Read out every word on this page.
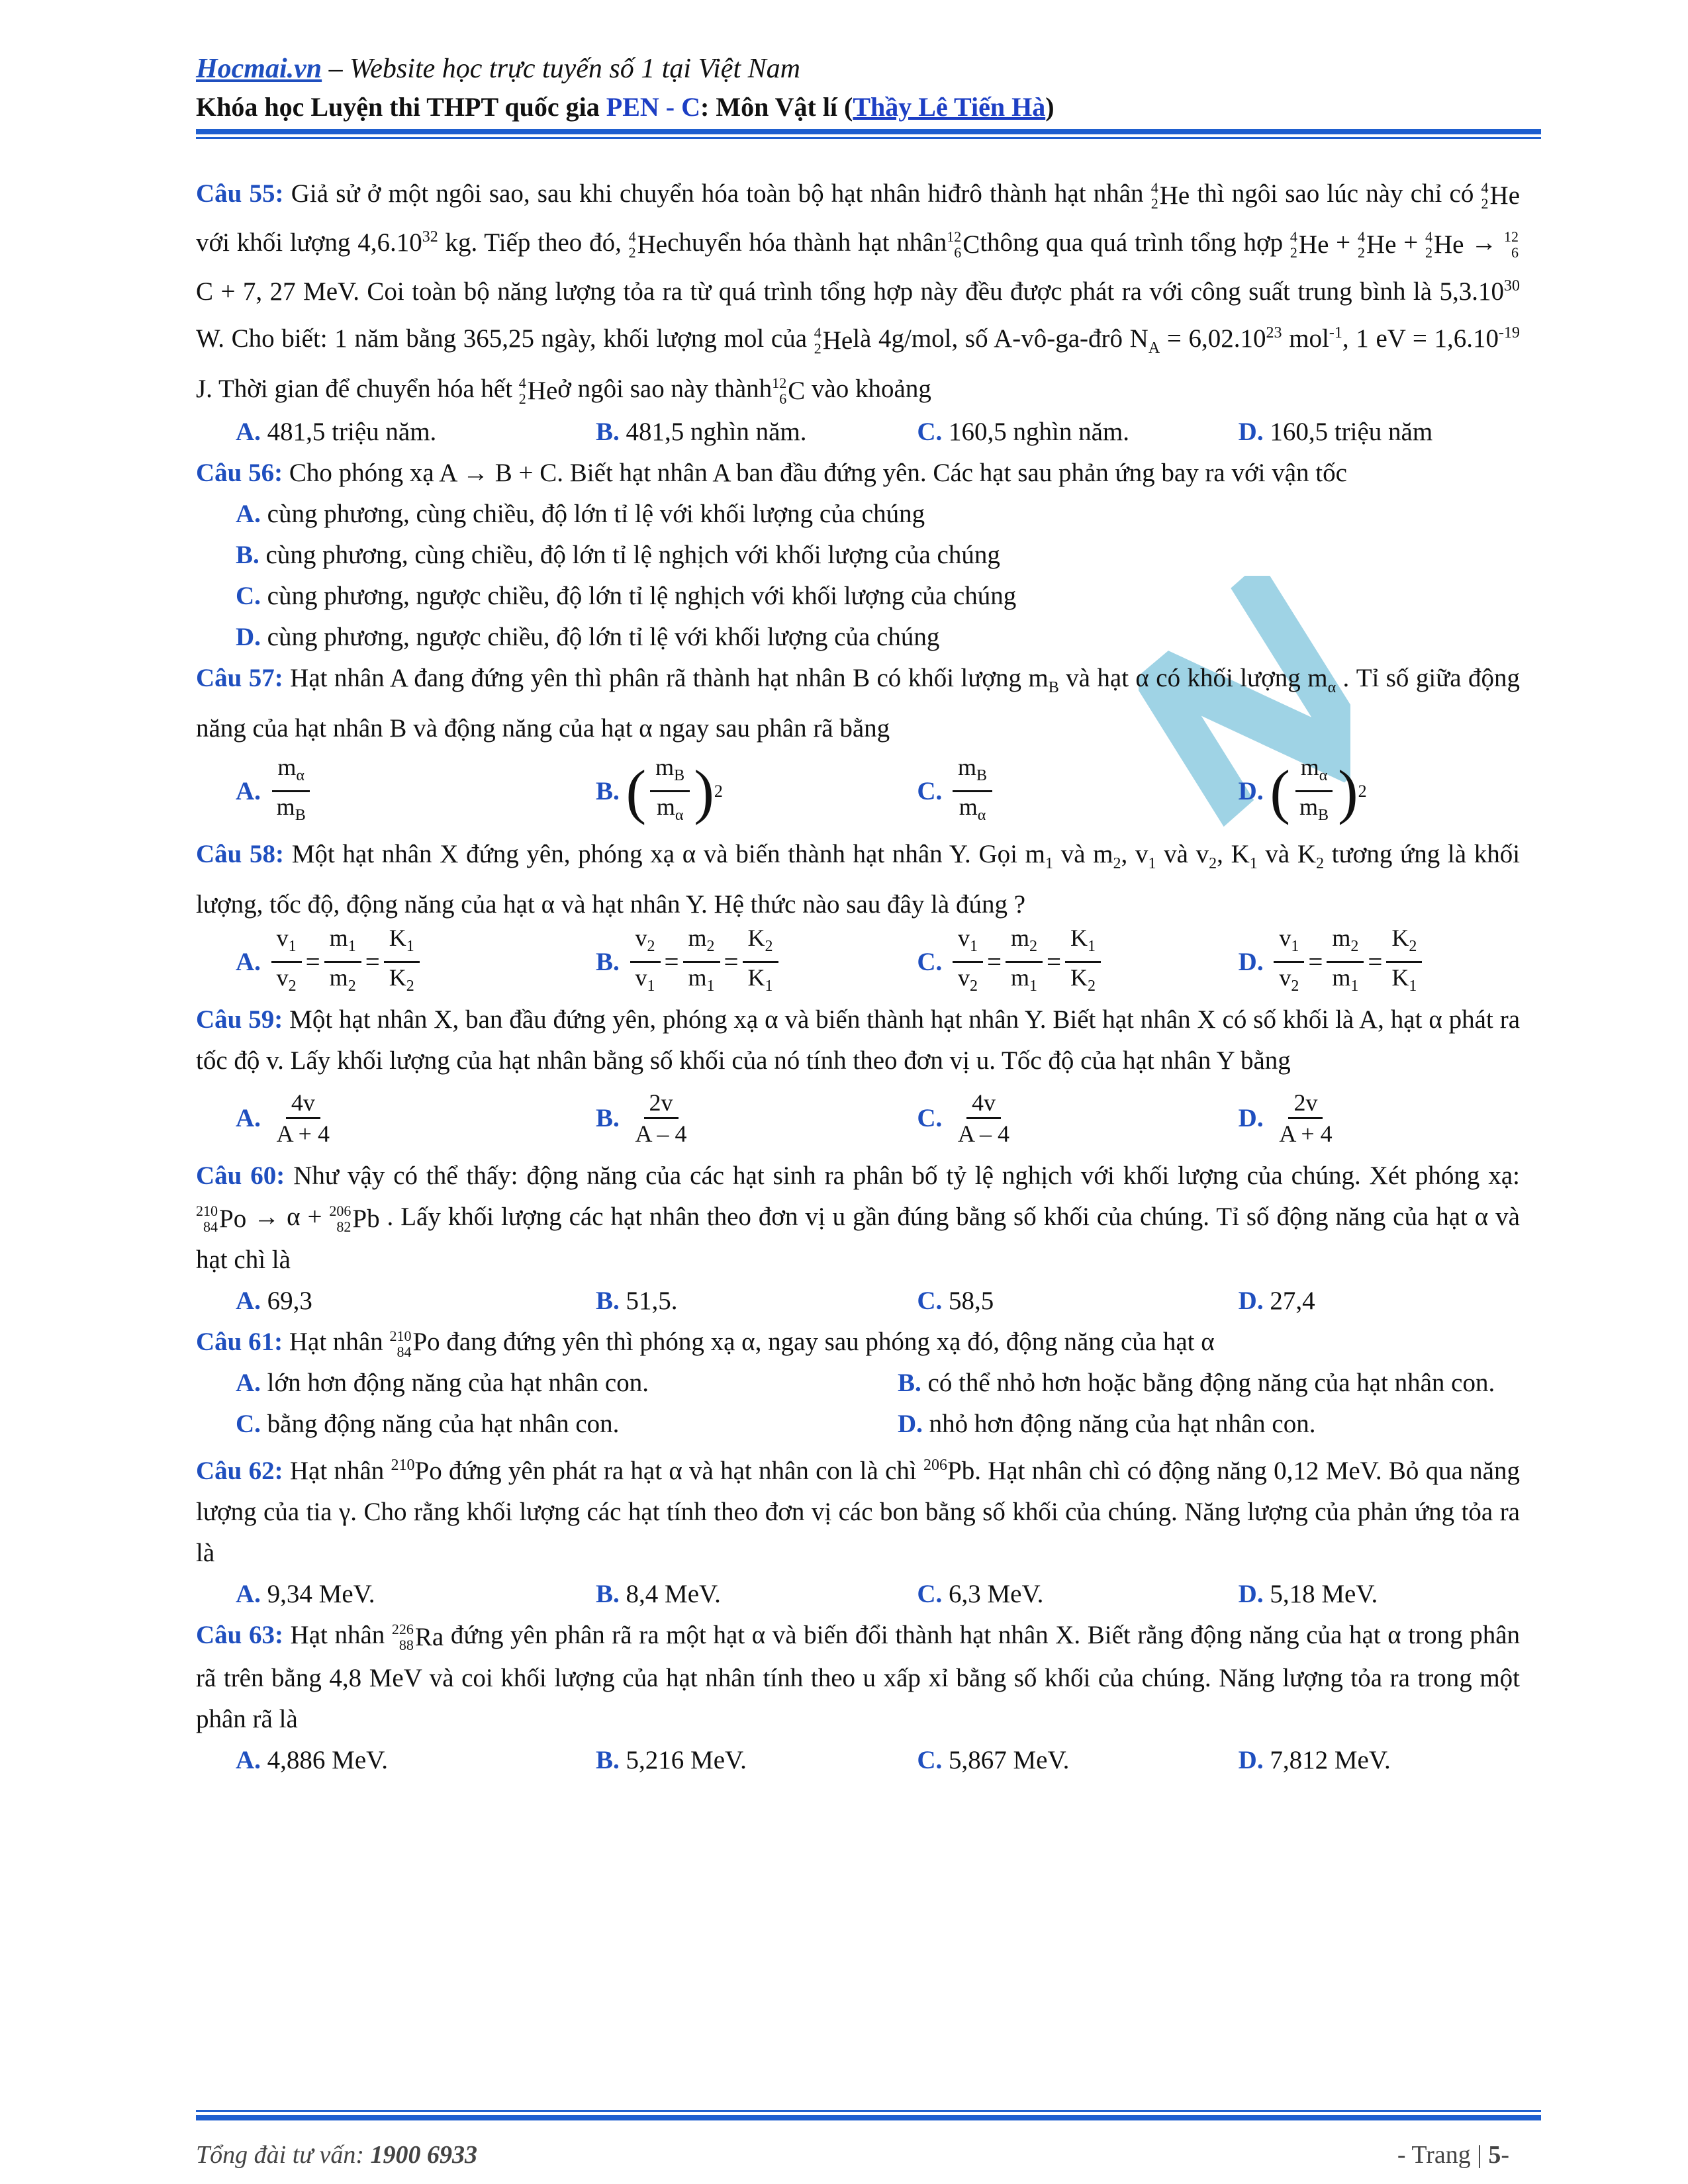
Hocmai.vn – Website học trực tuyến số 1 tại Việt Nam
Khóa học Luyện thi THPT quốc gia PEN - C: Môn Vật lí (Thầy Lê Tiến Hà)

Câu 55: Giả sử ở một ngôi sao, sau khi chuyển hóa toàn bộ hạt nhân hiđrô thành hạt nhân 4
2 He thì ngôi sao lúc này chỉ có 4
2 He
với khối lượng 4,6.10$^{32}$ kg. Tiếp theo đó, 4
2 He chuyển hóa thành hạt nhân 12
6 C thông qua quá trình tổng hợp 4
2 He + 4
2 He + 4
2 He → 12
6
C + 7, 27 MeV. Coi toàn bộ năng lượng tỏa ra từ quá trình tổng hợp này đều được phát ra với công suất trung bình là 5,3.10$^{30}$ W. Cho biết: 1 năm bằng 365,25 ngày, khối lượng mol của 4
2 He là 4g/mol, số A-vô-ga-đrô $N_A = 6,02.10^{23}$ mol$^{-1}$, 1 eV = $1,6.10^{-19}$ J. Thời gian để chuyển hóa hết 4
2 He ở ngôi sao này thành 12
6 C vào khoảng

A. 481,5 triệu năm.	B. 481,5 nghìn năm.	C. 160,5 nghìn năm.	D. 160,5 triệu năm

Câu 56: Cho phóng xạ A → B + C. Biết hạt nhân A ban đầu đứng yên. Các hạt sau phản ứng bay ra với vận tốc

A. cùng phương, cùng chiều, độ lớn tỉ lệ với khối lượng của chúng

B. cùng phương, cùng chiều, độ lớn tỉ lệ nghịch với khối lượng của chúng

C. cùng phương, ngược chiều, độ lớn tỉ lệ nghịch với khối lượng của chúng

D. cùng phương, ngược chiều, độ lớn tỉ lệ với khối lượng của chúng

Câu 57: Hạt nhân A đang đứng yên thì phân rã thành hạt nhân B có khối lượng $m_B$ và hạt α có khối lượng $m_\alpha$ . Tỉ số giữa động năng của hạt nhân B và động năng của hạt α ngay sau phân rã bằng

A.
$\frac{m_\alpha}{m_B}$	B.
( $\frac{m_B}{m_\alpha}$ ) 2	C.
$\frac{m_B}{m_\alpha}$	D.
( $\frac{m_\alpha}{m_B}$ ) 2

Câu 58: Một hạt nhân X đứng yên, phóng xạ α và biến thành hạt nhân Y. Gọi $m_1$ và $m_2$, $v_1$ và $v_2$, $K_1$ và $K_2$ tương ứng là khối lượng, tốc độ, động năng của hạt α và hạt nhân Y. Hệ thức nào sau đây là đúng ?

A.
$\frac{v_1}{v_2} = \frac{m_1}{m_2} = \frac{K_1}{K_2}$	B.
$\frac{v_2}{v_1} = \frac{m_2}{m_1} = \frac{K_2}{K_1}$	C.
$\frac{v_1}{v_2} = \frac{m_2}{m_1} = \frac{K_1}{K_2}$	D.
$\frac{v_1}{v_2} = \frac{m_2}{m_1} = \frac{K_2}{K_1}$

Câu 59: Một hạt nhân X, ban đầu đứng yên, phóng xạ α và biến thành hạt nhân Y. Biết hạt nhân X có số khối là A, hạt α phát ra tốc độ v. Lấy khối lượng của hạt nhân bằng số khối của nó tính theo đơn vị u. Tốc độ của hạt nhân Y bằng

A.
$\frac{4v}{A + 4}$	B.
$\frac{2v}{A - 4}$	C.
$\frac{4v}{A - 4}$	D.
$\frac{2v}{A + 4}$

Câu 60: Như vậy có thể thấy: động năng của các hạt sinh ra phân bố tỷ lệ nghịch với khối lượng của chúng. Xét phóng xạ:
210
84 Po → α + 206
82 Pb . Lấy khối lượng các hạt nhân theo đơn vị u gần đúng bằng số khối của chúng. Tỉ số động năng của hạt α và hạt chì là

A. 69,3	B. 51,5.	C. 58,5	D. 27,4

Câu 61: Hạt nhân 210
84 Po đang đứng yên thì phóng xạ α, ngay sau phóng xạ đó, động năng của hạt α

A. lớn hơn động năng của hạt nhân con.	B. có thể nhỏ hơn hoặc bằng động năng của hạt nhân con.
C. bằng động năng của hạt nhân con.	D. nhỏ hơn động năng của hạt nhân con.

Câu 62: Hạt nhân $^{210}$Po đứng yên phát ra hạt α và hạt nhân con là chì $^{206}$Pb. Hạt nhân chì có động năng 0,12 MeV. Bỏ qua năng lượng của tia γ. Cho rằng khối lượng các hạt tính theo đơn vị các bon bằng số khối của chúng. Năng lượng của phản ứng tỏa ra là

A. 9,34 MeV.	B. 8,4 MeV.	C. 6,3 MeV.	D. 5,18 MeV.

Câu 63: Hạt nhân 226
88 Ra đứng yên phân rã ra một hạt α và biến đổi thành hạt nhân X. Biết rằng động năng của hạt α trong phân rã trên bằng 4,8 MeV và coi khối lượng của hạt nhân tính theo u xấp xỉ bằng số khối của chúng. Năng lượng tỏa ra trong một phân rã là

A. 4,886 MeV.	B. 5,216 MeV.	C. 5,867 MeV.	D. 7,812 MeV.
Tổng đài tư vấn: 1900 6933	- Trang | 5-
